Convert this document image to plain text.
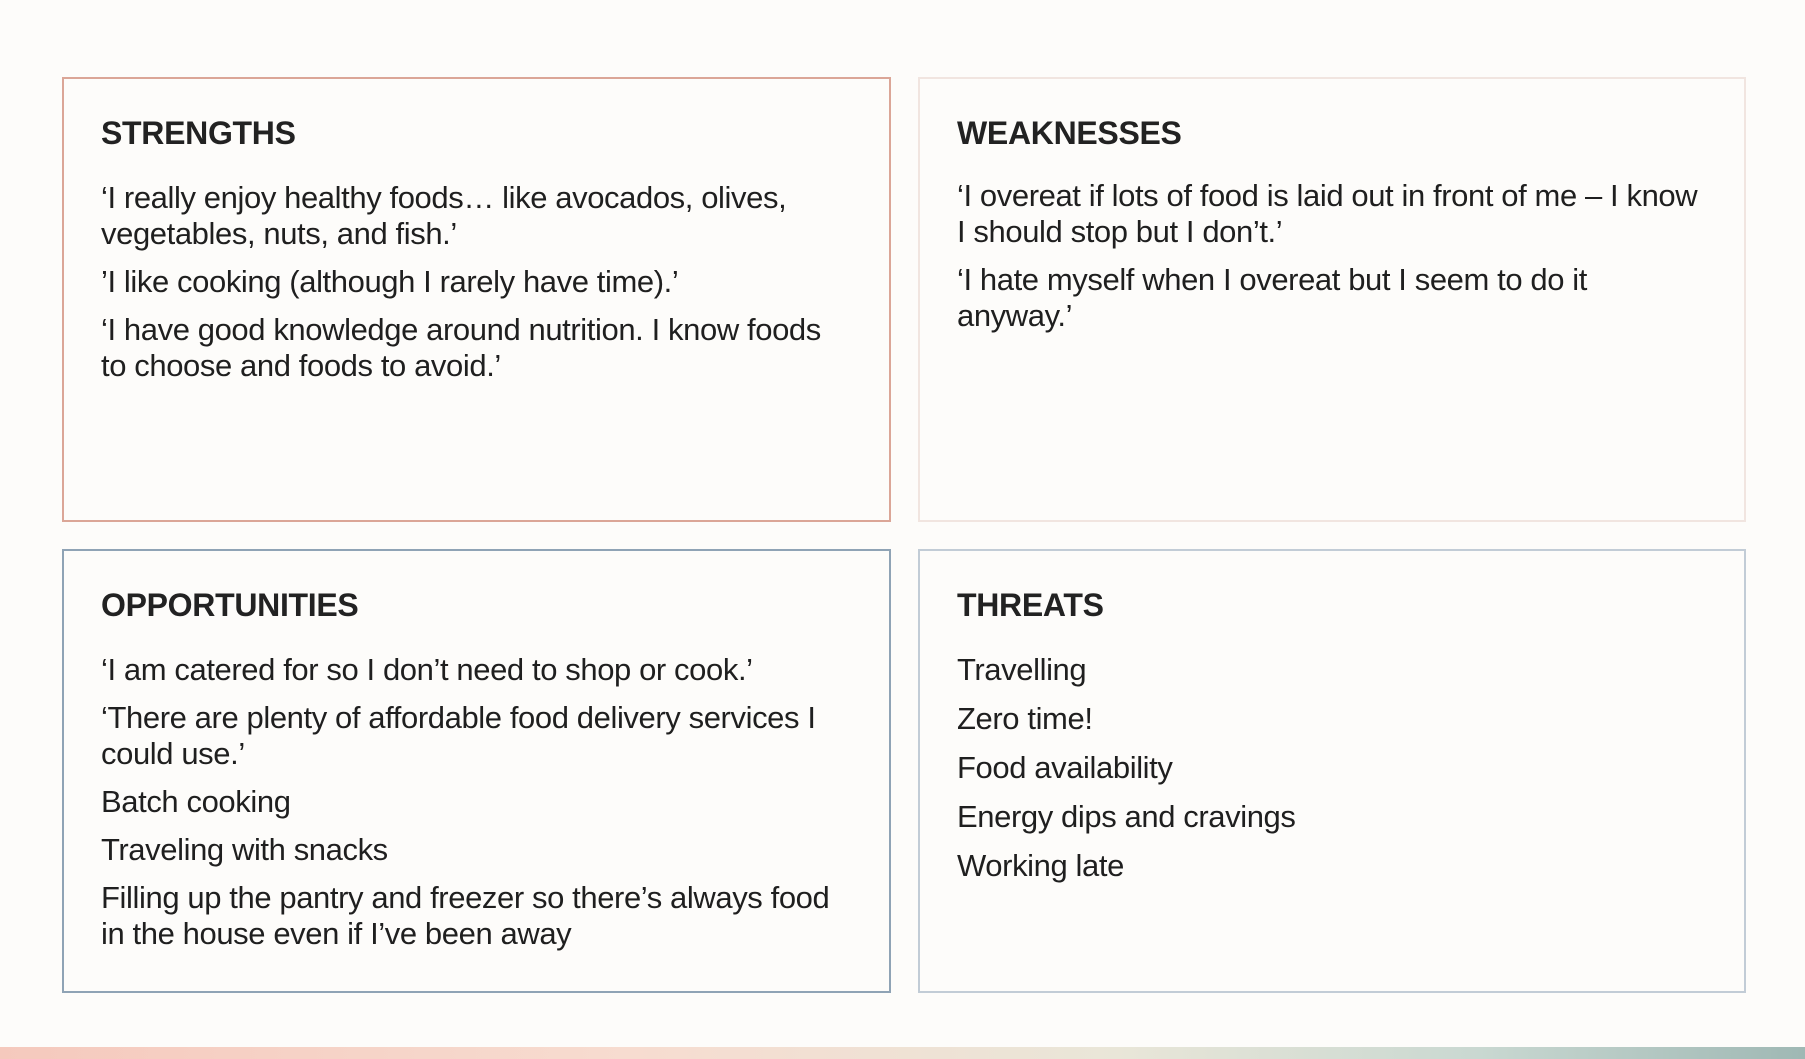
STRENGTHS
‘I really enjoy healthy foods… like avocados, olives, vegetables, nuts, and fish.’
’I like cooking (although I rarely have time).’
‘I have good knowledge around nutrition. I know foods to choose and foods to avoid.’
WEAKNESSES
‘I overeat if lots of food is laid out in front of me – I know I should stop but I don’t.’
‘I hate myself when I overeat but I seem to do it anyway.’
OPPORTUNITIES
‘I am catered for so I don’t need to shop or cook.’
‘There are plenty of affordable food delivery services I could use.’
Batch cooking
Traveling with snacks
Filling up the pantry and freezer so there’s always food in the house even if I’ve been away
THREATS
Travelling
Zero time!
Food availability
Energy dips and cravings
Working late
